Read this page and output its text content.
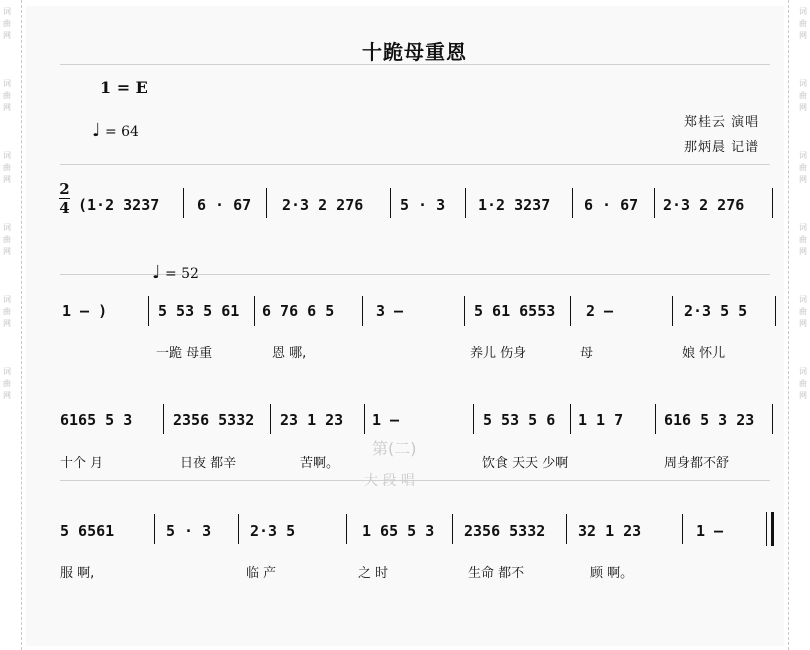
词
曲
网
词
曲
网
词
曲
网
词
曲
网
词
曲
网
词
曲
网
词
曲
网
词
曲
网
词
曲
网
词
曲
网
词
曲
网
词
曲
网
第(二)
大 段 唱
十跪母重恩
1 = E
♩ = 64
郑桂云 演唱
那炳晨 记谱
2
4 (1·2 3237	6 · 67 2·3 2 276 5 · 3 1·2 3237 6 · 67 2·3 2 276
♩ = 52
1 – )	5 53 5 61 6 76 6 5	3 –	5 61 6553 2 –	2·3 5 5
一跪 母重	恩 哪,	养儿 伤身	母	娘 怀儿
6165 5 3	2356 5332 23 1 23 1 –	5 53 5 6 1 1 7	616 5 3 23
十个 月	日夜 都辛	苦啊。	饮食 天天 少啊	周身都不舒
5 6561	5 · 3	2·3 5	1 65 5 3 2356 5332 32 1 23	1 –
服 啊,	临 产	之 时	生命 都不	顾 啊。
